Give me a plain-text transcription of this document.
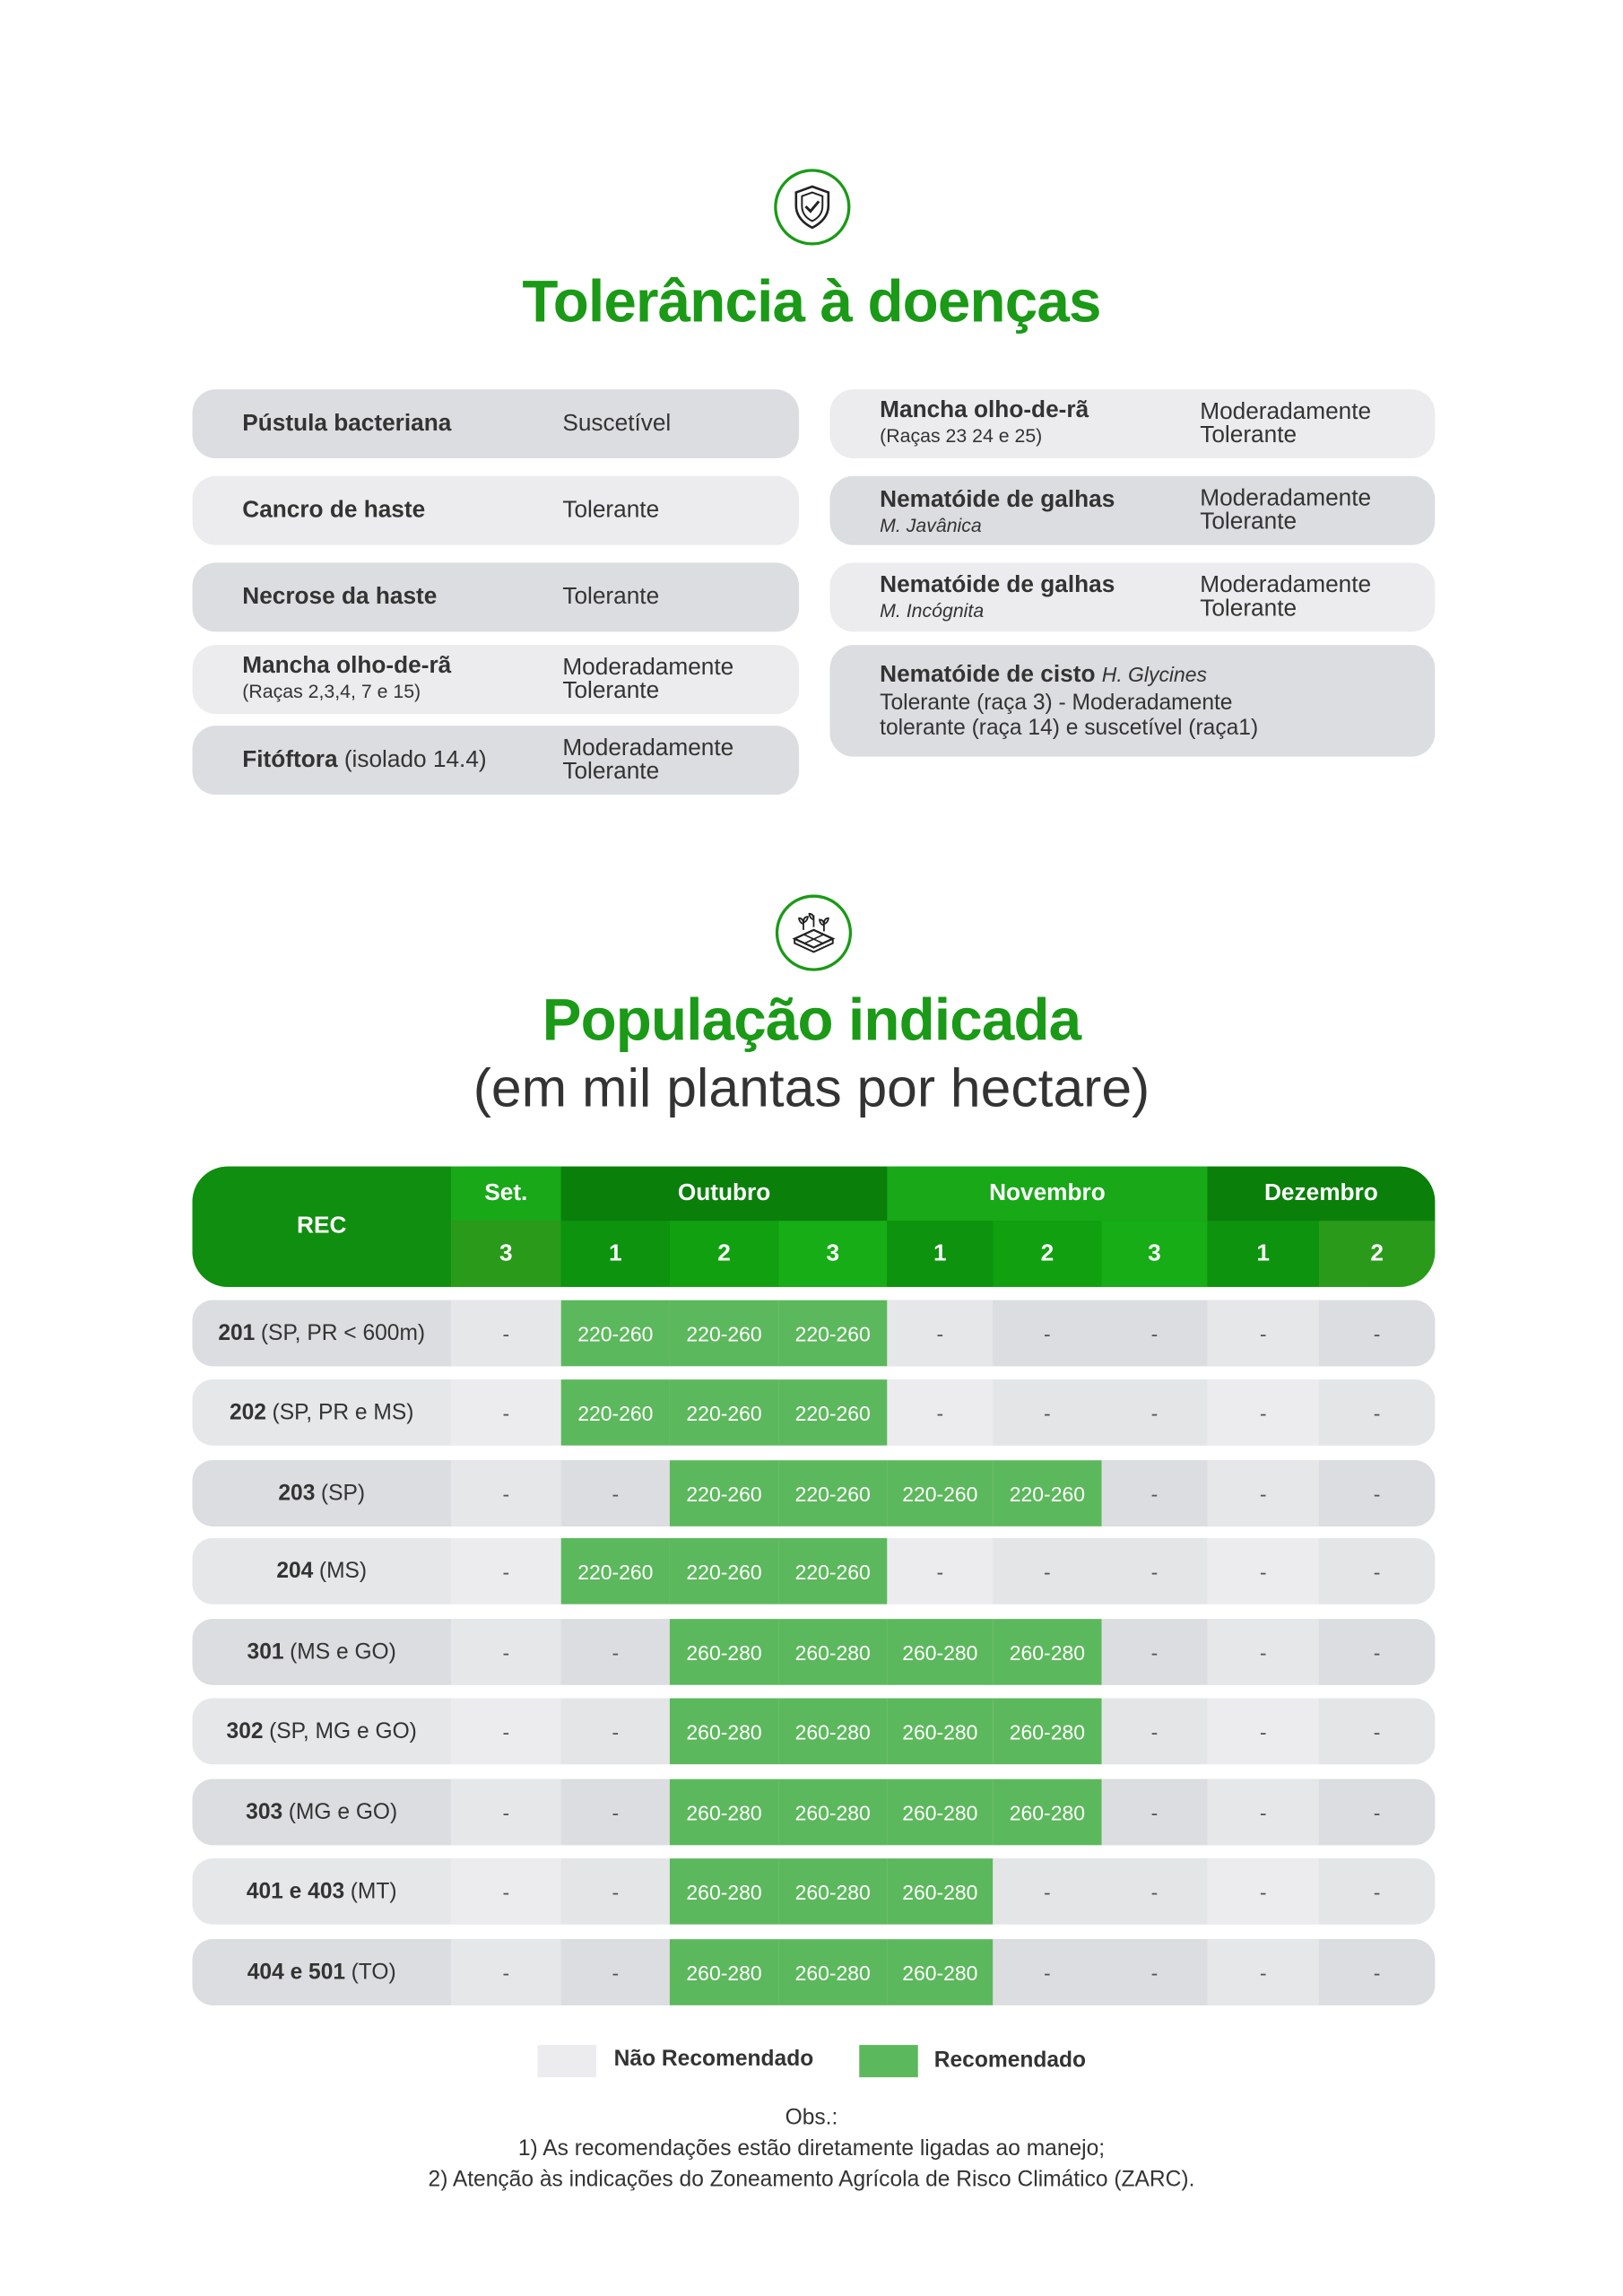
Tolerância à doenças
Pústula bacteriana	Suscetível
Cancro de haste	Tolerante
Necrose da haste	Tolerante
Mancha olho-de-rã
(Raças 2,3,4, 7 e 15)
Moderadamente Tolerante
Fitóftora (isolado 14.4)	Moderadamente Tolerante
Mancha olho-de-rã
(Raças 23 24 e 25)
Moderadamente Tolerante
Nematóide de galhas
M. Javânica
Moderadamente Tolerante
Nematóide de galhas
M. Incógnita
Moderadamente Tolerante
Nematóide de cisto H. Glycines
Tolerante (raça 3) - Moderadamente tolerante (raça 14) e suscetível (raça1)
População indicada
(em mil plantas por hectare)
REC
Set.	Outubro	Novembro	Dezembro
3	1	2	3	1	2	3	1	2
201 (SP, PR < 600m)	-	220-260	220-260	220-260	-	-	-	-	-
202 (SP, PR e MS)	-	220-260	220-260	220-260	-	-	-	-	-
203 (SP)	-	-	220-260	220-260	220-260	220-260	-	-	-
204 (MS)	-	220-260	220-260	220-260	-	-	-	-	-
301 (MS e GO)	-	-	260-280	260-280	260-280	260-280	-	-	-
302 (SP, MG e GO)	-	-	260-280	260-280	260-280	260-280	-	-	-
303 (MG e GO)	-	-	260-280	260-280	260-280	260-280	-	-	-
401 e 403 (MT)	-	-	260-280	260-280	260-280	-	-	-	-
404 e 501 (TO)	-	-	260-280	260-280	260-280	-	-	-	-
Não Recomendado	Recomendado
Obs.:
1) As recomendações estão diretamente ligadas ao manejo;
2) Atenção às indicações do Zoneamento Agrícola de Risco Climático (ZARC).
